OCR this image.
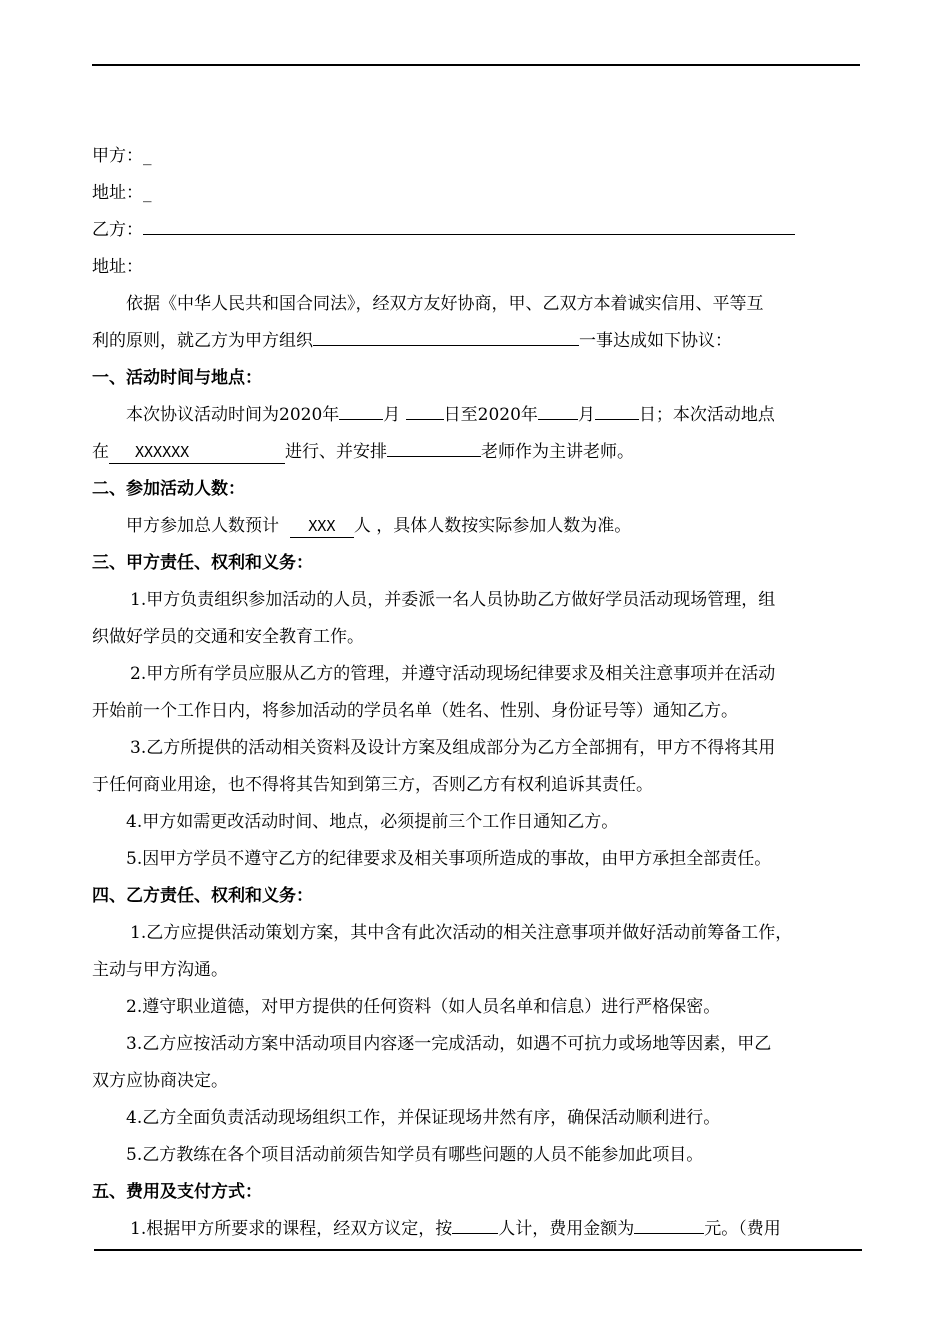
甲方：_
地址：_
乙方：
地址：
依据《中华人民共和国合同法》，经双方友好协商，甲、乙双方本着诚实信用、平等互
利的原则，就乙方为甲方组织	一事达成如下协议：
一、活动时间与地点：
本次协议活动时间为2020年	月	日至2020年 月	日；本次活动地点
在 XXXXXX	进行、并安排	老师作为主讲老师。
二、参加活动人数：
甲方参加总人数预计 XXX 人 ，具体人数按实际参加人数为准。
三、甲方责任、权利和义务：
1.甲方负责组织参加活动的人员，并委派一名人员协助乙方做好学员活动现场管理，组
织做好学员的交通和安全教育工作。
2.甲方所有学员应服从乙方的管理，并遵守活动现场纪律要求及相关注意事项并在活动
开始前一个工作日内，将参加活动的学员名单（姓名、性别、身份证号等）通知乙方。
3.乙方所提供的活动相关资料及设计方案及组成部分为乙方全部拥有，甲方不得将其用
于任何商业用途，也不得将其告知到第三方，否则乙方有权利追诉其责任。
4.甲方如需更改活动时间、地点，必须提前三个工作日通知乙方。
5.因甲方学员不遵守乙方的纪律要求及相关事项所造成的事故，由甲方承担全部责任。
四、乙方责任、权利和义务：
1.乙方应提供活动策划方案，其中含有此次活动的相关注意事项并做好活动前筹备工作，
主动与甲方沟通。
2.遵守职业道德，对甲方提供的任何资料（如人员名单和信息）进行严格保密。
3.乙方应按活动方案中活动项目内容逐一完成活动，如遇不可抗力或场地等因素，甲乙
双方应协商决定。
4.乙方全面负责活动现场组织工作，并保证现场井然有序，确保活动顺利进行。
5.乙方教练在各个项目活动前须告知学员有哪些问题的人员不能参加此项目。
五、费用及支付方式：
1.根据甲方所要求的课程，经双方议定，按	人计，费用金额为	元。（费用
